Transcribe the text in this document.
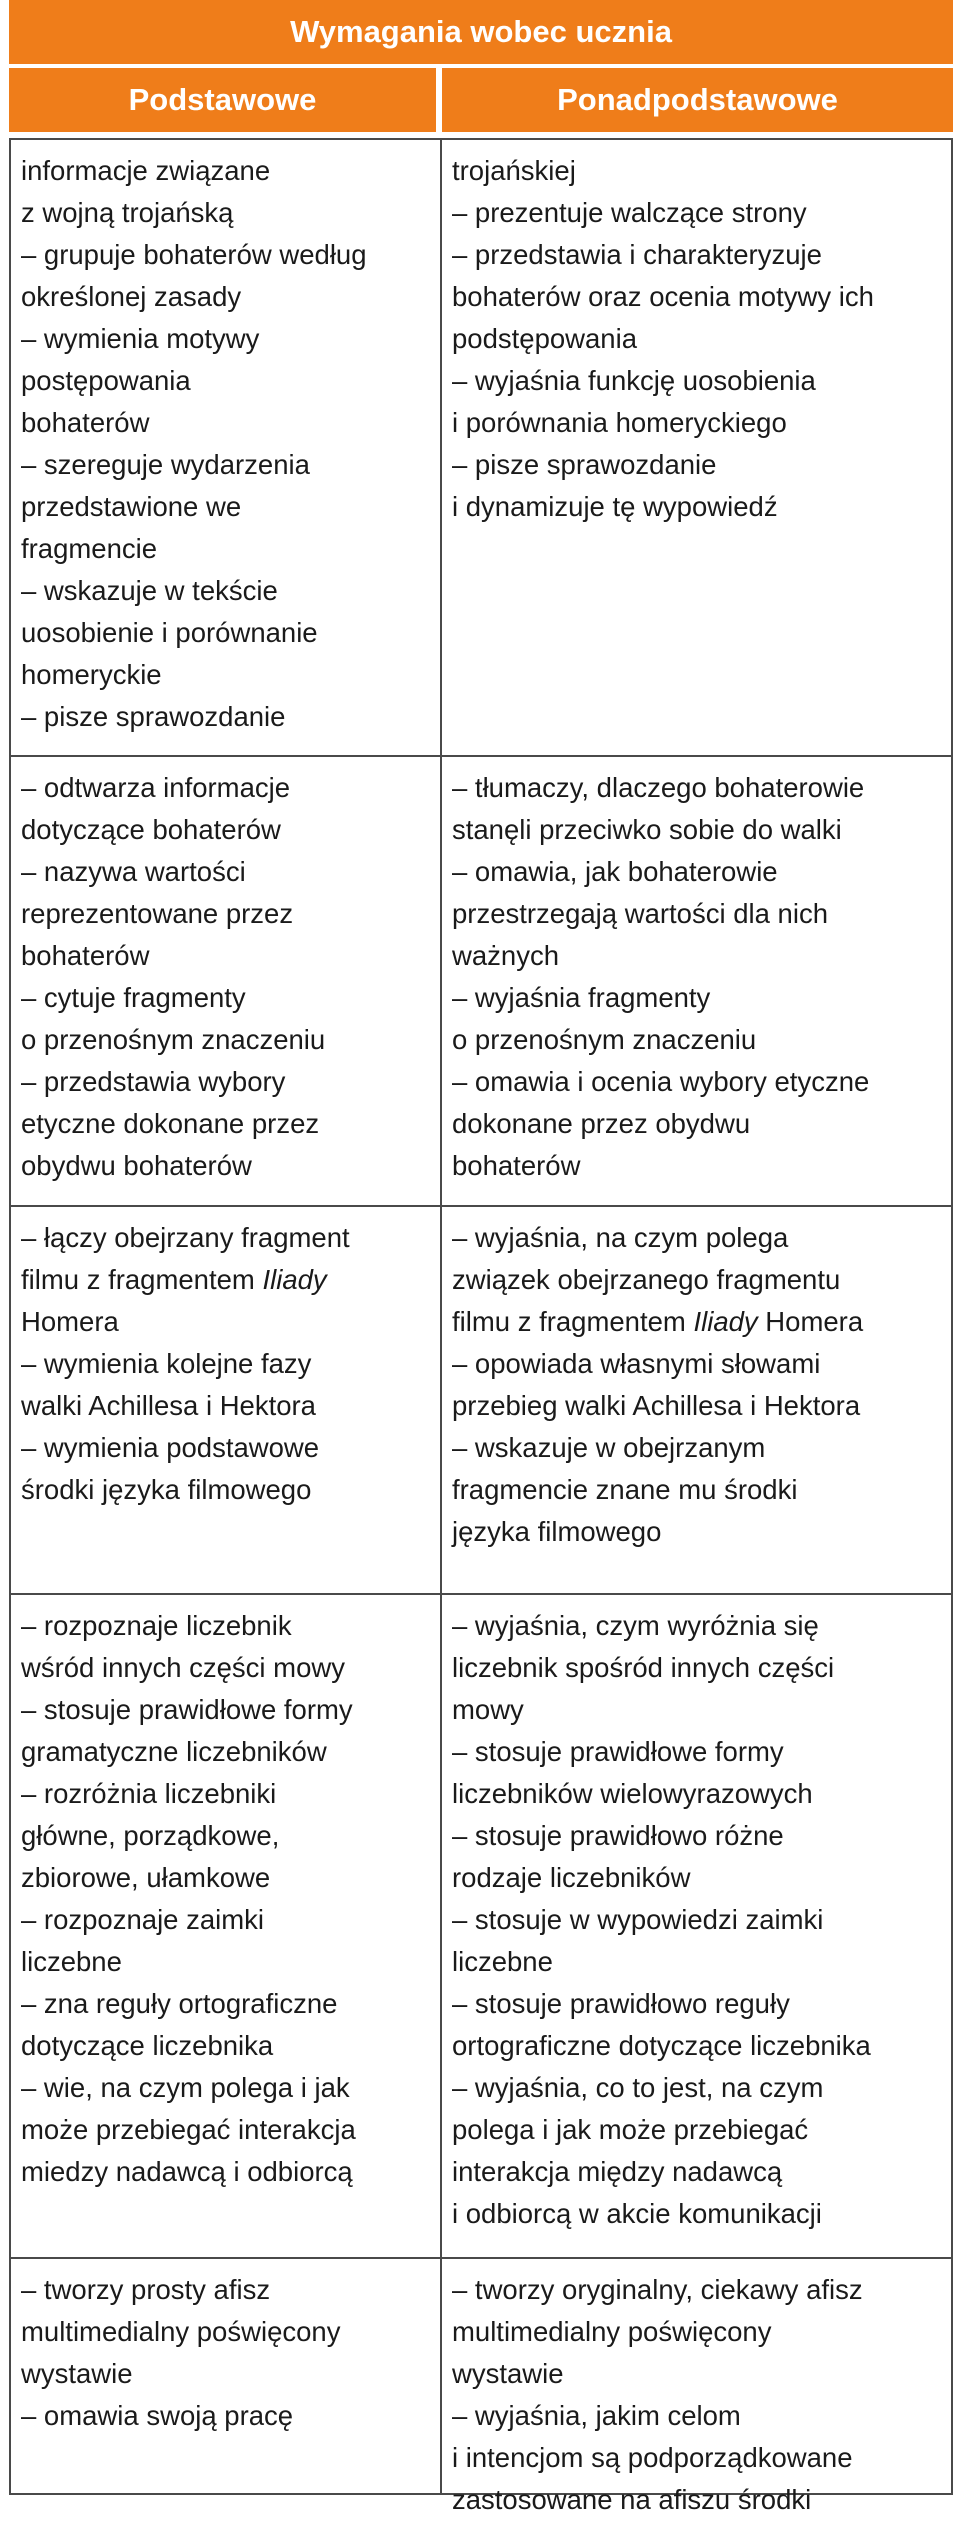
Wymagania wobec ucznia
Podstawowe	Ponadpodstawowe
informacje związane
z wojną trojańską
– grupuje bohaterów według
określonej zasady
– wymienia motywy
postępowania
bohaterów
– szereguje wydarzenia
przedstawione we
fragmencie
– wskazuje w tekście
uosobienie i porównanie
homeryckie
– pisze sprawozdanie
trojańskiej
– prezentuje walczące strony
– przedstawia i charakteryzuje
bohaterów oraz ocenia motywy ich
podstępowania
– wyjaśnia funkcję uosobienia
i porównania homeryckiego
– pisze sprawozdanie
i dynamizuje tę wypowiedź
– odtwarza informacje
dotyczące bohaterów
– nazywa wartości
reprezentowane przez
bohaterów
– cytuje fragmenty
o przenośnym znaczeniu
– przedstawia wybory
etyczne dokonane przez
obydwu bohaterów
– tłumaczy, dlaczego bohaterowie
stanęli przeciwko sobie do walki
– omawia, jak bohaterowie
przestrzegają wartości dla nich
ważnych
– wyjaśnia fragmenty
o przenośnym znaczeniu
– omawia i ocenia wybory etyczne
dokonane przez obydwu
bohaterów
– łączy obejrzany fragment
filmu z fragmentem Iliady
Homera
– wymienia kolejne fazy
walki Achillesa i Hektora
– wymienia podstawowe
środki języka filmowego
– wyjaśnia, na czym polega
związek obejrzanego fragmentu
filmu z fragmentem Iliady Homera
– opowiada własnymi słowami
przebieg walki Achillesa i Hektora
– wskazuje w obejrzanym
fragmencie znane mu środki
języka filmowego
– rozpoznaje liczebnik
wśród innych części mowy
– stosuje prawidłowe formy
gramatyczne liczebników
– rozróżnia liczebniki
główne, porządkowe,
zbiorowe, ułamkowe
– rozpoznaje zaimki
liczebne
– zna reguły ortograficzne
dotyczące liczebnika
– wie, na czym polega i jak
może przebiegać interakcja
miedzy nadawcą i odbiorcą
– wyjaśnia, czym wyróżnia się
liczebnik spośród innych części
mowy
– stosuje prawidłowe formy
liczebników wielowyrazowych
– stosuje prawidłowo różne
rodzaje liczebników
– stosuje w wypowiedzi zaimki
liczebne
– stosuje prawidłowo reguły
ortograficzne dotyczące liczebnika
– wyjaśnia, co to jest, na czym
polega i jak może przebiegać
interakcja między nadawcą
i odbiorcą w akcie komunikacji
– tworzy prosty afisz
multimedialny poświęcony
wystawie
– omawia swoją pracę
– tworzy oryginalny, ciekawy afisz
multimedialny poświęcony
wystawie
– wyjaśnia, jakim celom
i intencjom są podporządkowane
zastosowane na afiszu środki
